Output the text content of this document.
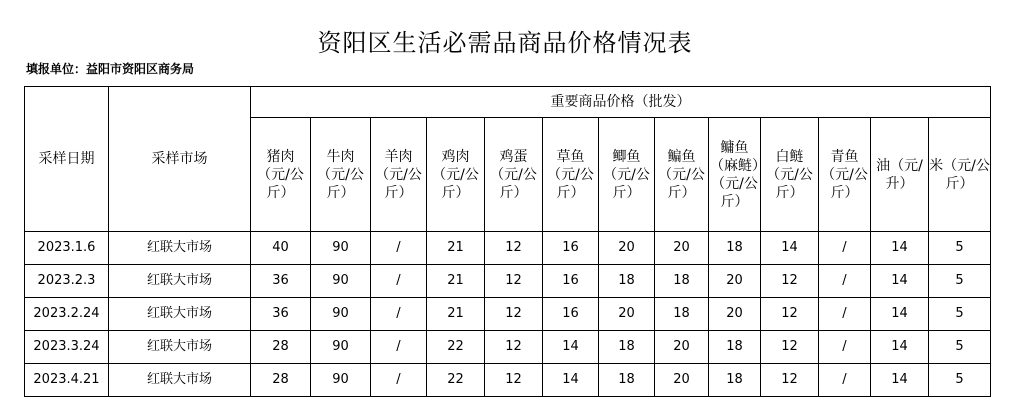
资阳区生活必需品商品价格情况表
填报单位：益阳市资阳区商务局
采样日期	采样市场	重要商品价格（批发）												
		猪肉（元/公斤）	牛肉（元/公斤）	羊肉（元/公斤）	鸡肉（元/公斤）	鸡蛋（元/公斤）	草鱼（元/公斤）	鲫鱼（元/公斤）	鳊鱼（元/公斤）	鳙鱼（麻鲢）（元/公斤）	白鲢（元/公斤）	青鱼（元/公斤）	油（元/升）	米（元/公斤）
2023.1.6	红联大市场	40	90	/	21	12	16	20	20	18	14	/	14	5
2023.2.3	红联大市场	36	90	/	21	12	16	18	18	20	12	/	14	5
2023.2.24	红联大市场	36	90	/	21	12	16	20	18	20	12	/	14	5
2023.3.24	红联大市场	28	90	/	22	12	14	18	20	18	12	/	14	5
2023.4.21	红联大市场	28	90	/	22	12	14	18	20	18	12	/	14	5
